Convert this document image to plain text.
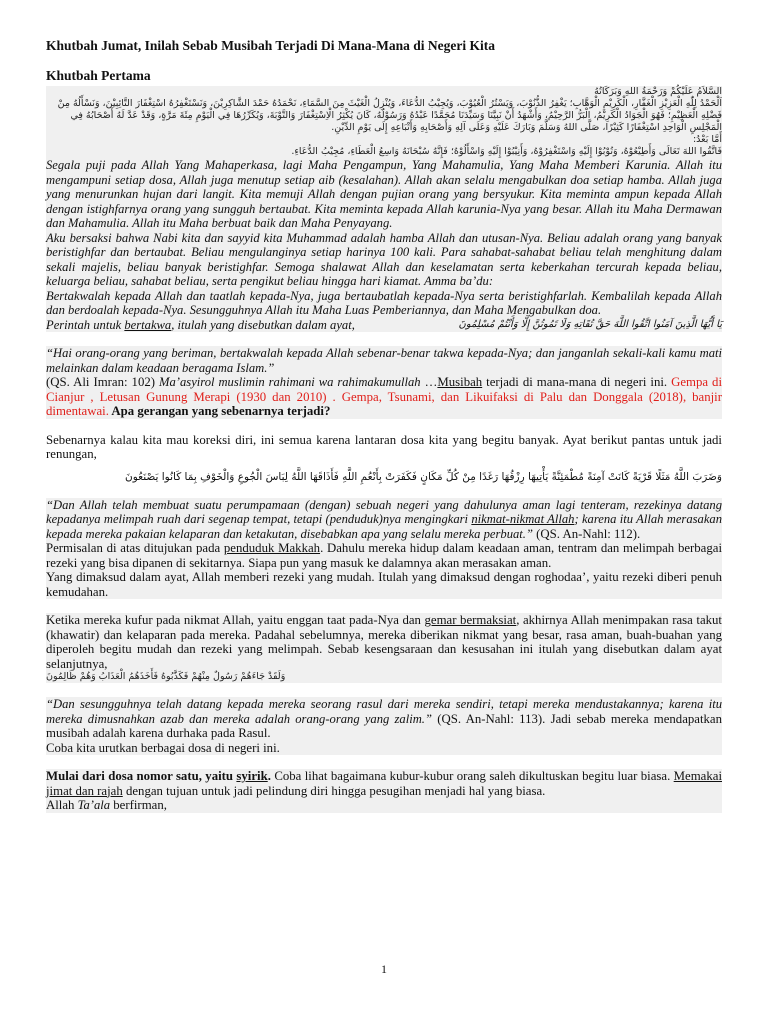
Khutbah Jumat, Inilah Sebab Musibah Terjadi Di Mana-Mana di Negeri Kita

Khutbah Pertama

السَّلاَمُ عَلَيْكُمْ وَرَحْمَةُ اللهِ وَبَرَكَاتُهُ

اَلْحَمْدُ لِلّٰهِ الْعَزِيْزِ الْغَفَّارِ، الْكَرِيْمِ الْوَهَّابِ؛ يَغْفِرُ الذُّنُوْبَ، وَيَسْتُرُ الْعُيُوْبَ، وَيُجِيْبُ الدُّعَاءَ، وَيُنْزِلُ الْغَيْثَ مِنَ السَّمَاءِ، نَحْمَدُهُ حَمْدَ الشَّاكِرِيْنَ، وَنَسْتَغْفِرُهُ اسْتِغْفَارَ التَّائِبِيْنَ، وَنَسْأَلُهُ مِنْ فَضْلِهِ الْعَظِيْمِ؛ فَهُوَ الْجَوَادُ الْكَرِيْمُ، الْبَرُّ الرَّحِيْمُ، وَأَشْهَدُ أَنْ نَبِيَّنَا وَسَيِّدَنَا مُحَمَّدًا عَبْدُهُ وَرَسُوْلُهُ، كَانَ يُكْثِرُ الْاِسْتِغْفَارَ وَالتَّوْبَةَ، وَيُكَرِّرُهَا فِي الْيَوْمِ مِئَةَ مَرَّةٍ، وَقَدْ عَدَّ لَهُ أَصْحَابُهُ فِي الْمَجْلِسِ الْوَاحِدِ اسْتِغْفَارًا كَثِيْرًا، صَلَّى اللهُ وَسَلَّمَ وَبَارَكَ عَلَيْهِ وَعَلَى آلِهِ وَأَصْحَابِهِ وَأَتْبَاعِهِ إِلَى يَوْمِ الدِّيْنِ.

أَمَّا بَعْدُ:

فَاتَّقُوا اللهَ تَعَالَى وَأَطِيْعُوْهُ، وَتُوْبُوْا إِلَيْهِ وَاسْتَغْفِرُوْهُ، وَأَنِيْبُوْا إِلَيْهِ وَاسْأَلُوْهُ؛ فَإِنَّهُ سُبْحَانَهُ وَاسِعُ الْعَطَاءِ، مُجِيْبُ الدُّعَاءِ.

Segala puji pada Allah Yang Mahaperkasa, lagi Maha Pengampun, Yang Mahamulia, Yang Maha Memberi Karunia. Allah itu mengampuni setiap dosa, Allah juga menutup setiap aib (kesalahan). Allah akan selalu mengabulkan doa setiap hamba. Allah juga yang menurunkan hujan dari langit. Kita memuji Allah dengan pujian orang yang bersyukur. Kita meminta ampun kepada Allah dengan istighfarnya orang yang sungguh bertaubat. Kita meminta kepada Allah karunia-Nya yang besar. Allah itu Maha Dermawan dan Mahamulia. Allah itu Maha berbuat baik dan Maha Penyayang.

Aku bersaksi bahwa Nabi kita dan sayyid kita Muhammad adalah hamba Allah dan utusan-Nya. Beliau adalah orang yang banyak beristighfar dan bertaubat. Beliau mengulanginya setiap harinya 100 kali. Para sahabat-sahabat beliau telah menghitung dalam sekali majelis, beliau banyak beristighfar. Semoga shalawat Allah dan keselamatan serta keberkahan tercurah kepada beliau, keluarga beliau, sahabat beliau, serta pengikut beliau hingga hari kiamat. Amma ba’du:

Bertakwalah kepada Allah dan taatlah kepada-Nya, juga bertaubatlah kepada-Nya serta beristighfarlah. Kembalilah kepada Allah dan berdoalah kepada-Nya. Sesungguhnya Allah itu Maha Luas Pemberiannya, dan Maha Mengabulkan doa.

يَا أَيُّهَا الَّذِينَ آمَنُوا اتَّقُوا اللَّهَ حَقَّ تُقَاتِهِ وَلَا تَمُوتُنَّ إِلَّا وَأَنْتُمْ مُسْلِمُونَ
Perintah untuk bertakwa, itulah yang disebutkan dalam ayat,

“Hai orang-orang yang beriman, bertakwalah kepada Allah sebenar-benar takwa kepada-Nya; dan janganlah sekali-kali kamu mati melainkan dalam keadaan beragama Islam.”

(QS. Ali Imran: 102) Ma’asyirol muslimin rahimani wa rahimakumullah …Musibah terjadi di mana-mana di negeri ini. Gempa di Cianjur , Letusan Gunung Merapi (1930 dan 2010) . Gempa, Tsunami, dan Likuifaksi di Palu dan Donggala (2018), banjir dimentawai. Apa gerangan yang sebenarnya terjadi?

Sebenarnya kalau kita mau koreksi diri, ini semua karena lantaran dosa kita yang begitu banyak. Ayat berikut pantas untuk jadi renungan,

وَضَرَبَ اللَّهُ مَثَلًا قَرْيَةً كَانَتْ آمِنَةً مُطْمَئِنَّةً يَأْتِيهَا رِزْقُهَا رَغَدًا مِنْ كُلِّ مَكَانٍ فَكَفَرَتْ بِأَنْعُمِ اللَّهِ فَأَذَاقَهَا اللَّهُ لِبَاسَ الْجُوعِ وَالْخَوْفِ بِمَا كَانُوا يَصْنَعُونَ

“Dan Allah telah membuat suatu perumpamaan (dengan) sebuah negeri yang dahulunya aman lagi tenteram, rezekinya datang kepadanya melimpah ruah dari segenap tempat, tetapi (penduduk)nya mengingkari nikmat-nikmat Allah; karena itu Allah merasakan kepada mereka pakaian kelaparan dan ketakutan, disebabkan apa yang selalu mereka perbuat.” (QS. An-Nahl: 112).

Permisalan di atas ditujukan pada penduduk Makkah. Dahulu mereka hidup dalam keadaan aman, tentram dan melimpah berbagai rezeki yang bisa dipanen di sekitarnya. Siapa pun yang masuk ke dalamnya akan merasakan aman.

Yang dimaksud dalam ayat, Allah memberi rezeki yang mudah. Itulah yang dimaksud dengan roghodaa’, yaitu rezeki diberi penuh kemudahan.

Ketika mereka kufur pada nikmat Allah, yaitu enggan taat pada-Nya dan gemar bermaksiat, akhirnya Allah menimpakan rasa takut (khawatir) dan kelaparan pada mereka. Padahal sebelumnya, mereka diberikan nikmat yang besar, rasa aman, buah-buahan yang diperoleh begitu mudah dan rezeki yang melimpah. Sebab kesengsaraan dan kesusahan ini itulah yang disebutkan dalam ayat selanjutnya,

وَلَقَدْ جَاءَهُمْ رَسُولٌ مِنْهُمْ فَكَذَّبُوهُ فَأَخَذَهُمُ الْعَذَابُ وَهُمْ ظَالِمُونَ

“Dan sesungguhnya telah datang kepada mereka seorang rasul dari mereka sendiri, tetapi mereka mendustakannya; karena itu mereka dimusnahkan azab dan mereka adalah orang-orang yang zalim.” (QS. An-Nahl: 113). Jadi sebab mereka mendapatkan musibah adalah karena durhaka pada Rasul.

Coba kita urutkan berbagai dosa di negeri ini.

Mulai dari dosa nomor satu, yaitu syirik. Coba lihat bagaimana kubur-kubur orang saleh dikultuskan begitu luar biasa. Memakai jimat dan rajah dengan tujuan untuk jadi pelindung diri hingga pesugihan menjadi hal yang biasa.

Allah Ta’ala berfirman,

1
